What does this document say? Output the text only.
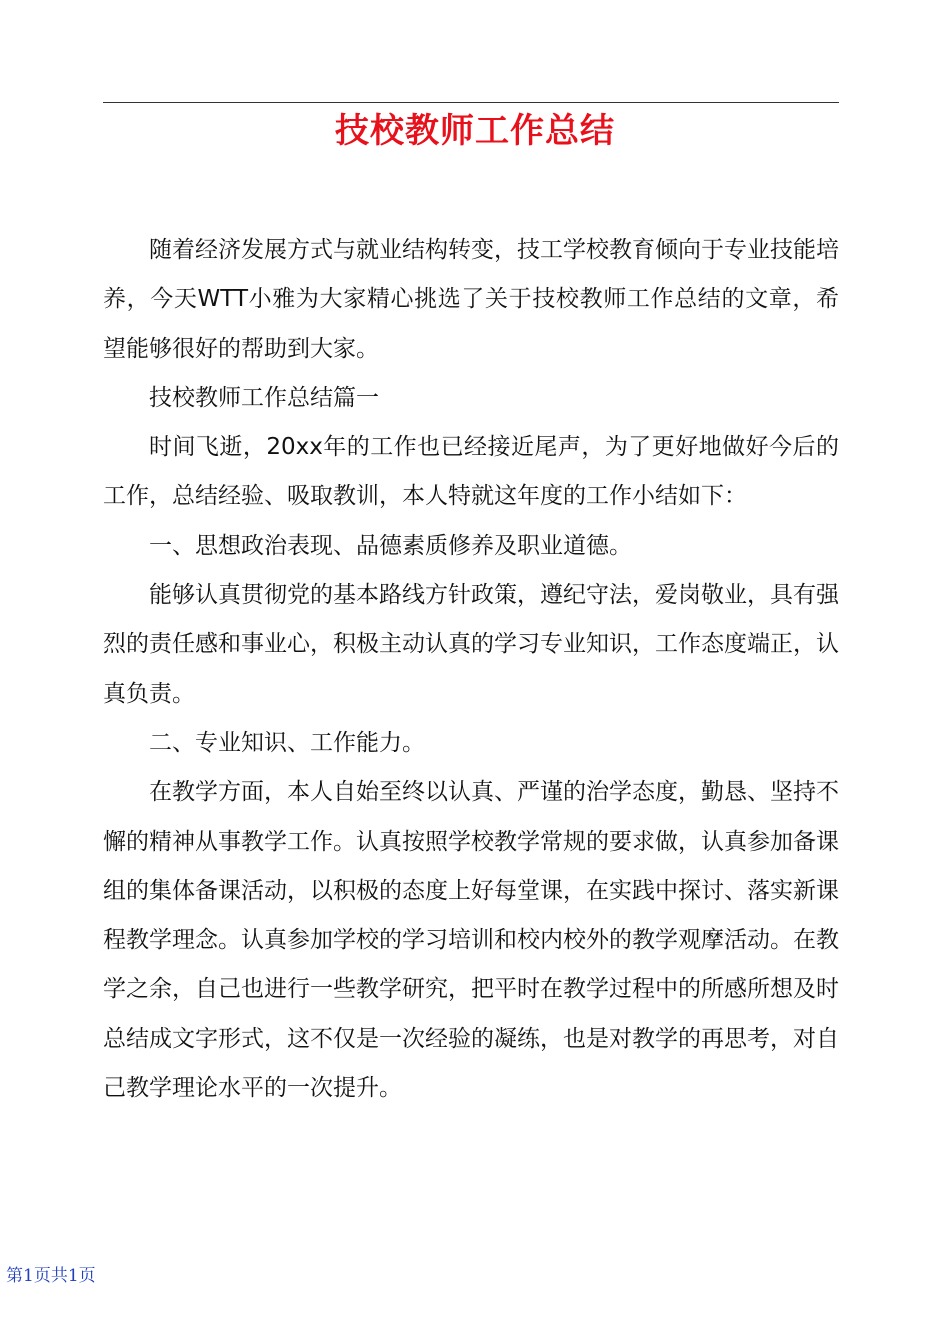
技校教师工作总结

随着经济发展方式与就业结构转变，技工学校教育倾向于专业技能培养，今天WTT小雅为大家精心挑选了关于技校教师工作总结的文章，希望能够很好的帮助到大家。

技校教师工作总结篇一

时间飞逝，20xx年的工作也已经接近尾声，为了更好地做好今后的工作，总结经验、吸取教训，本人特就这年度的工作小结如下：

一、思想政治表现、品德素质修养及职业道德。

能够认真贯彻党的基本路线方针政策，遵纪守法，爱岗敬业，具有强烈的责任感和事业心，积极主动认真的学习专业知识，工作态度端正，认真负责。

二、专业知识、工作能力。

在教学方面，本人自始至终以认真、严谨的治学态度，勤恳、坚持不懈的精神从事教学工作。认真按照学校教学常规的要求做，认真参加备课组的集体备课活动，以积极的态度上好每堂课，在实践中探讨、落实新课程教学理念。认真参加学校的学习培训和校内校外的教学观摩活动。在教学之余，自己也进行一些教学研究，把平时在教学过程中的所感所想及时总结成文字形式，这不仅是一次经验的凝练，也是对教学的再思考，对自己教学理论水平的一次提升。

第1页共1页
